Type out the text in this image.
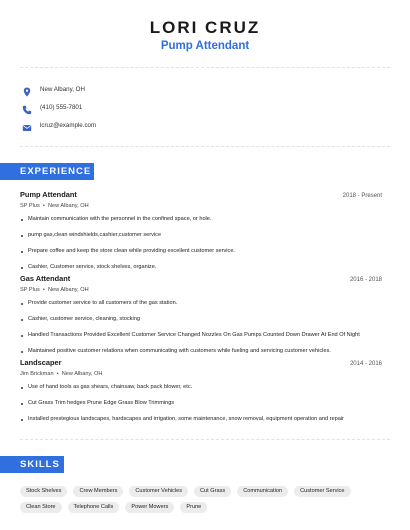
LORI CRUZ
Pump Attendant
New Albany, OH
(410) 555-7801
lcruz@example.com
EXPERIENCE
Pump Attendant	2018 - Present
SP Plus  •  New Albany, OH
Maintain communication with the personnel in the confined space, or hole.
pump gas,clean windshields,cashier,customer service
Prepare coffee and keep the store clean while providing excellent customer service.
Cashier, Customer service, stock shelves, organize.
Gas Attendant	2016 - 2018
SP Plus  •  New Albany, OH
Provide customer service to all customers of the gas station.
Cashier, customer service, cleaning, stocking
Handled Transactions Provided Excellent Customer Service Changed Nozzles On Gas Pumps Counted Down Drawer At End Of Night
Maintained positive customer relations when communicating with customers while fueling and servicing customer vehicles.
Landscaper	2014 - 2016
Jim Brickman  •  New Albany, OH
Use of hand tools as gas shears, chainsaw, back pack blower, etc.
Cut Grass Trim hedges Prune Edge Grass Blow Trimmings
Installed prestegious landscapes, hardscapes and irrigation, some maintenance, snow removal, equipment operation and repair
SKILLS
Stock Shelves	Crew Members	Customer Vehicles	Cut Grass	Communication	Customer Service
Clean Store	Telephone Calls	Power Mowers	Prune
